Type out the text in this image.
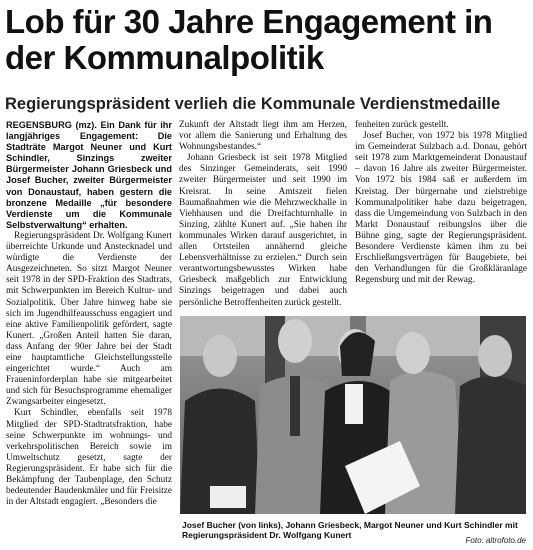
Lob für 30 Jahre Engagement in der Kommunalpolitik
Regierungspräsident verlieh die Kommunale Verdienstmedaille

REGENSBURG (mz). Ein Dank für ihr langjähriges Engagement: Die Stadträte Margot Neuner und Kurt Schindler, Sinzings zweiter Bürgermeister Johann Griesbeck und Josef Bucher, zweiter Bürgermeister von Donaustauf, haben gestern die bronzene Medaille „für besondere Verdienste um die Kommunale Selbstverwaltung“ erhalten.

Regierungspräsident Dr. Wolfgang Kunert überreichte Urkunde und Anstecknadel und würdigte die Verdienste der Ausgezeichneten. So sitzt Margot Neuner seit 1978 in der SPD-Fraktion des Stadtrats, mit Schwerpunkten im Bereich Kultur- und Sozialpolitik. Über Jahre hinweg habe sie sich im Jugendhilfeausschuss engagiert und eine aktive Familienpolitik gefördert, sagte Kunert. „Großen Anteil hatten Sie daran, dass Anfang der 90er Jahre bei der Stadt eine hauptamtliche Gleichstellungsstelle eingerichtet wurde.“ Auch am Fraueninforderplan habe sie mitgearbeitet und sich für Besuchsprogramme ehemaliger Zwangsarbeiter eingesetzt.

Kurt Schindler, ebenfalls seit 1978 Mitglied der SPD-Stadtratsfraktion, habe seine Schwerpunkte im wohnungs- und verkehrspolitischen Bereich sowie im Umweltschutz gesetzt, sagte der Regierungspräsident. Er habe sich für die Bekämpfung der Taubenplage, den Schutz bedeutender Baudenkmäler und für Freisitze in der Altstadt engagiert. „Besonders die

Zukunft der Altstadt liegt ihm am Herzen, vor allem die Sanierung und Erhaltung des Wohnungsbestandes.“

Johann Griesbeck ist seit 1978 Mitglied des Sinzinger Gemeinderats, seit 1990 zweiter Bürgermeister und seit 1990 im Kreisrat. In seine Amtszeit fielen Baumaßnahmen wie die Mehrzweckhalle in Viehhausen und die Dreifachturnhalle in Sinzing, zählte Kunert auf. „Sie haben ihr kommunales Wirken darauf ausgerichtet, in allen Ortsteilen annähernd gleiche Lebensverhältnisse zu erzielen.“ Durch sein verantwortungsbewusstes Wirken habe Griesbeck maßgeblich zur Entwicklung Sinzings beigetragen und dabei auch persönliche Betroffenheiten zurück gestellt.

fenheiten zurück gestellt.

Josef Bucher, von 1972 bis 1978 Mitglied im Gemeinderat Sulzbach a.d. Donau, gehört seit 1978 zum Marktgemeinderat Donaustauf – davon 16 Jahre als zweiter Bürgermeister. Von 1972 bis 1984 saß er außerdem im Kreistag. Der bürgernahe und zielstrebige Kommunalpolitiker habe dazu beigetragen, dass die Umgemeindung von Sulzbach in den Markt Donaustauf reibungslos über die Bühne ging, sagte der Regierungspräsident. Besondere Verdienste kämen ihm zu bei Erschließungsverträgen für Baugebiete, bei den Verhandlungen für die Großkläranlage Regensburg und mit der Rewag.

Josef Bucher (von links), Johann Griesbeck, Margot Neuner und Kurt Schindler mit Regierungspräsident Dr. Wolfgang Kunert

Foto: altrofoto.de
